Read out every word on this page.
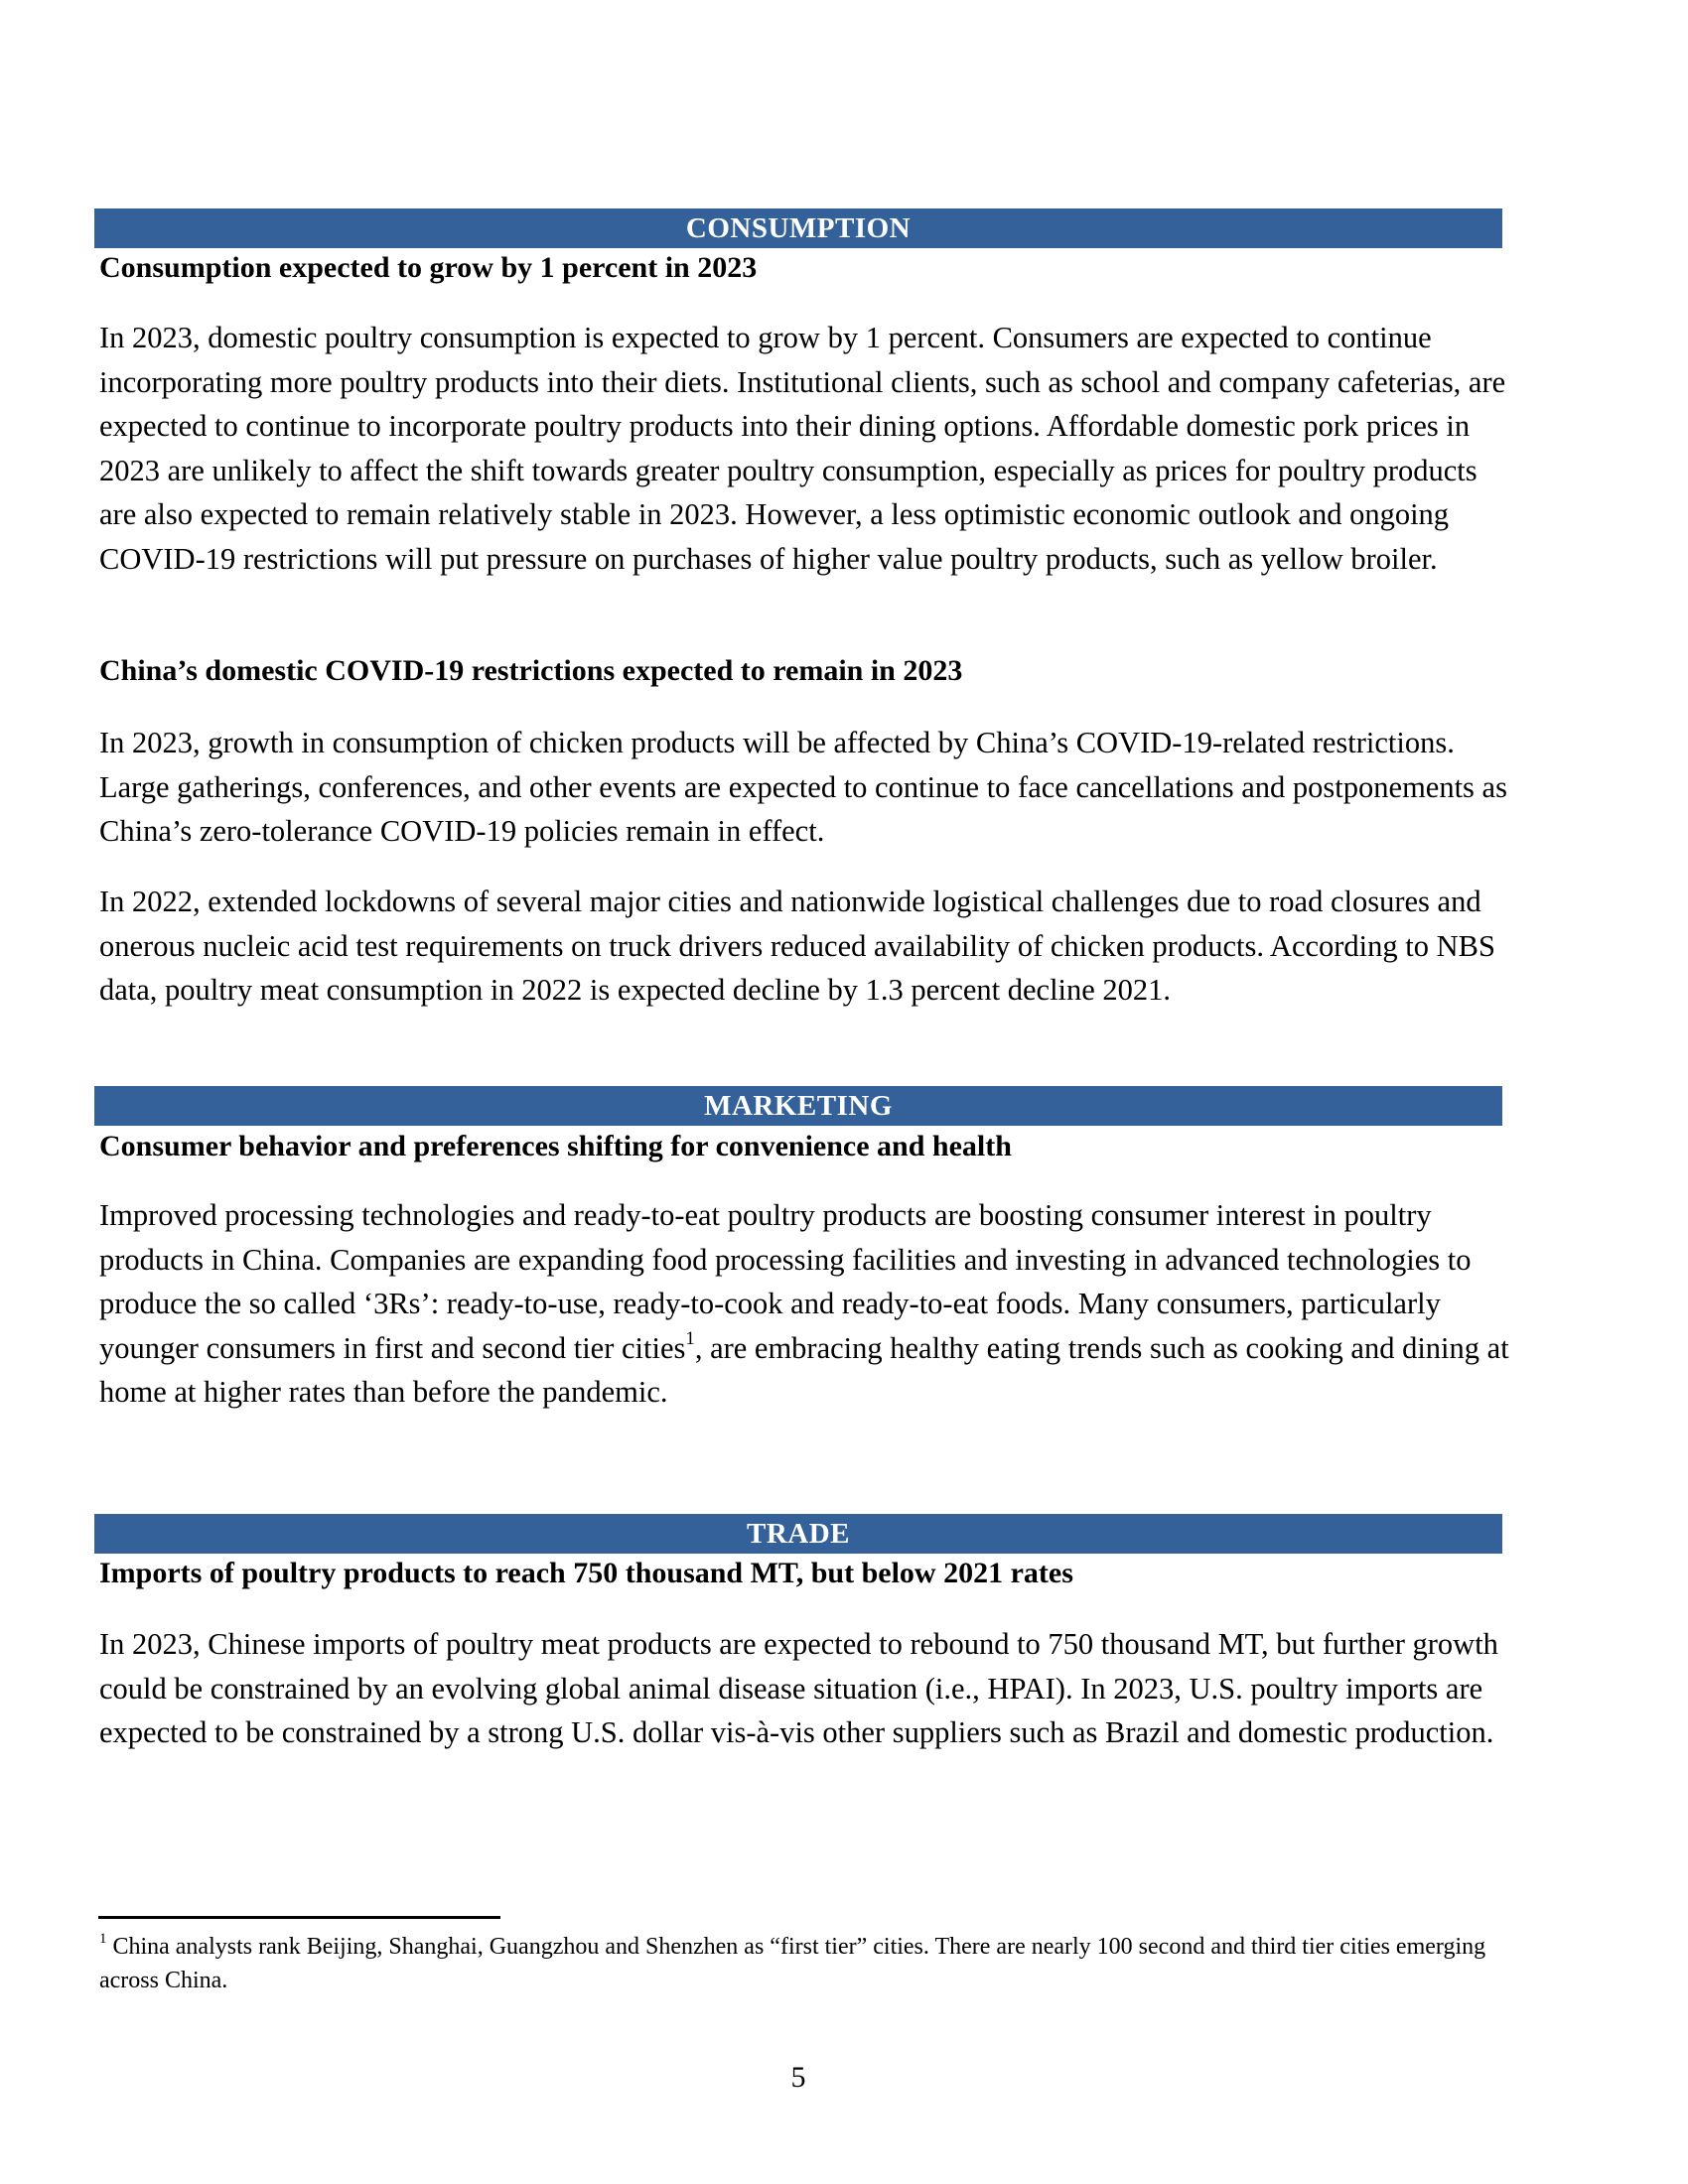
CONSUMPTION
Consumption expected to grow by 1 percent in 2023

In 2023, domestic poultry consumption is expected to grow by 1 percent. Consumers are expected to continue incorporating more poultry products into their diets. Institutional clients, such as school and company cafeterias, are expected to continue to incorporate poultry products into their dining options. Affordable domestic pork prices in 2023 are unlikely to affect the shift towards greater poultry consumption, especially as prices for poultry products are also expected to remain relatively stable in 2023. However, a less optimistic economic outlook and ongoing COVID-19 restrictions will put pressure on purchases of higher value poultry products, such as yellow broiler.

China’s domestic COVID-19 restrictions expected to remain in 2023

In 2023, growth in consumption of chicken products will be affected by China’s COVID-19-related restrictions. Large gatherings, conferences, and other events are expected to continue to face cancellations and postponements as China’s zero-tolerance COVID-19 policies remain in effect.

In 2022, extended lockdowns of several major cities and nationwide logistical challenges due to road closures and onerous nucleic acid test requirements on truck drivers reduced availability of chicken products. According to NBS data, poultry meat consumption in 2022 is expected decline by 1.3 percent decline 2021.

MARKETING
Consumer behavior and preferences shifting for convenience and health

Improved processing technologies and ready-to-eat poultry products are boosting consumer interest in poultry products in China. Companies are expanding food processing facilities and investing in advanced technologies to produce the so called ‘3Rs’: ready-to-use, ready-to-cook and ready-to-eat foods. Many consumers, particularly younger consumers in first and second tier cities$^1$, are embracing healthy eating trends such as cooking and dining at home at higher rates than before the pandemic.

TRADE
Imports of poultry products to reach 750 thousand MT, but below 2021 rates

In 2023, Chinese imports of poultry meat products are expected to rebound to 750 thousand MT, but further growth could be constrained by an evolving global animal disease situation (i.e., HPAI). In 2023, U.S. poultry imports are expected to be constrained by a strong U.S. dollar vis-à-vis other suppliers such as Brazil and domestic production.

$^1$ China analysts rank Beijing, Shanghai, Guangzhou and Shenzhen as “first tier” cities. There are nearly 100 second and third tier cities emerging across China.
5
